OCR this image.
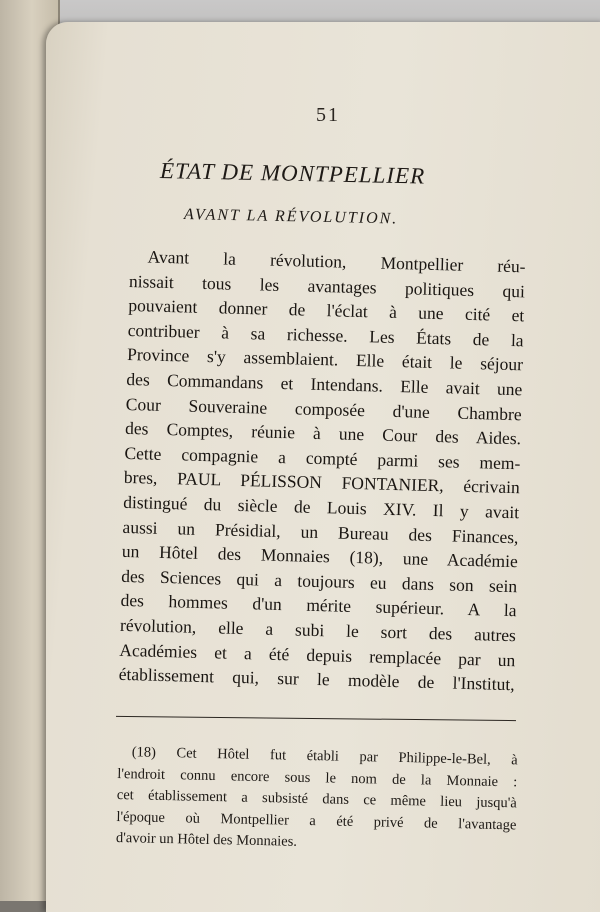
51
ÉTAT DE MONTPELLIER
AVANT LA RÉVOLUTION.
Avant la révolution, Montpellier réu-
nissait tous les avantages politiques qui
pouvaient donner de l'éclat à une cité et
contribuer à sa richesse. Les États de la
Province s'y assemblaient. Elle était le séjour
des Commandans et Intendans. Elle avait une
Cour Souveraine composée d'une Chambre
des Comptes, réunie à une Cour des Aides.
Cette compagnie a compté parmi ses mem-
bres, PAUL PÉLISSON FONTANIER, écrivain
distingué du siècle de Louis XIV. Il y avait
aussi un Présidial, un Bureau des Finances,
un Hôtel des Monnaies (18), une Académie
des Sciences qui a toujours eu dans son sein
des hommes d'un mérite supérieur. A la
révolution, elle a subi le sort des autres
Académies et a été depuis remplacée par un
établissement qui, sur le modèle de l'Institut,
(18) Cet Hôtel fut établi par Philippe-le-Bel, à
l'endroit connu encore sous le nom de la Monnaie :
cet établissement a subsisté dans ce même lieu jusqu'à
l'époque où Montpellier a été privé de l'avantage
d'avoir un Hôtel des Monnaies.
